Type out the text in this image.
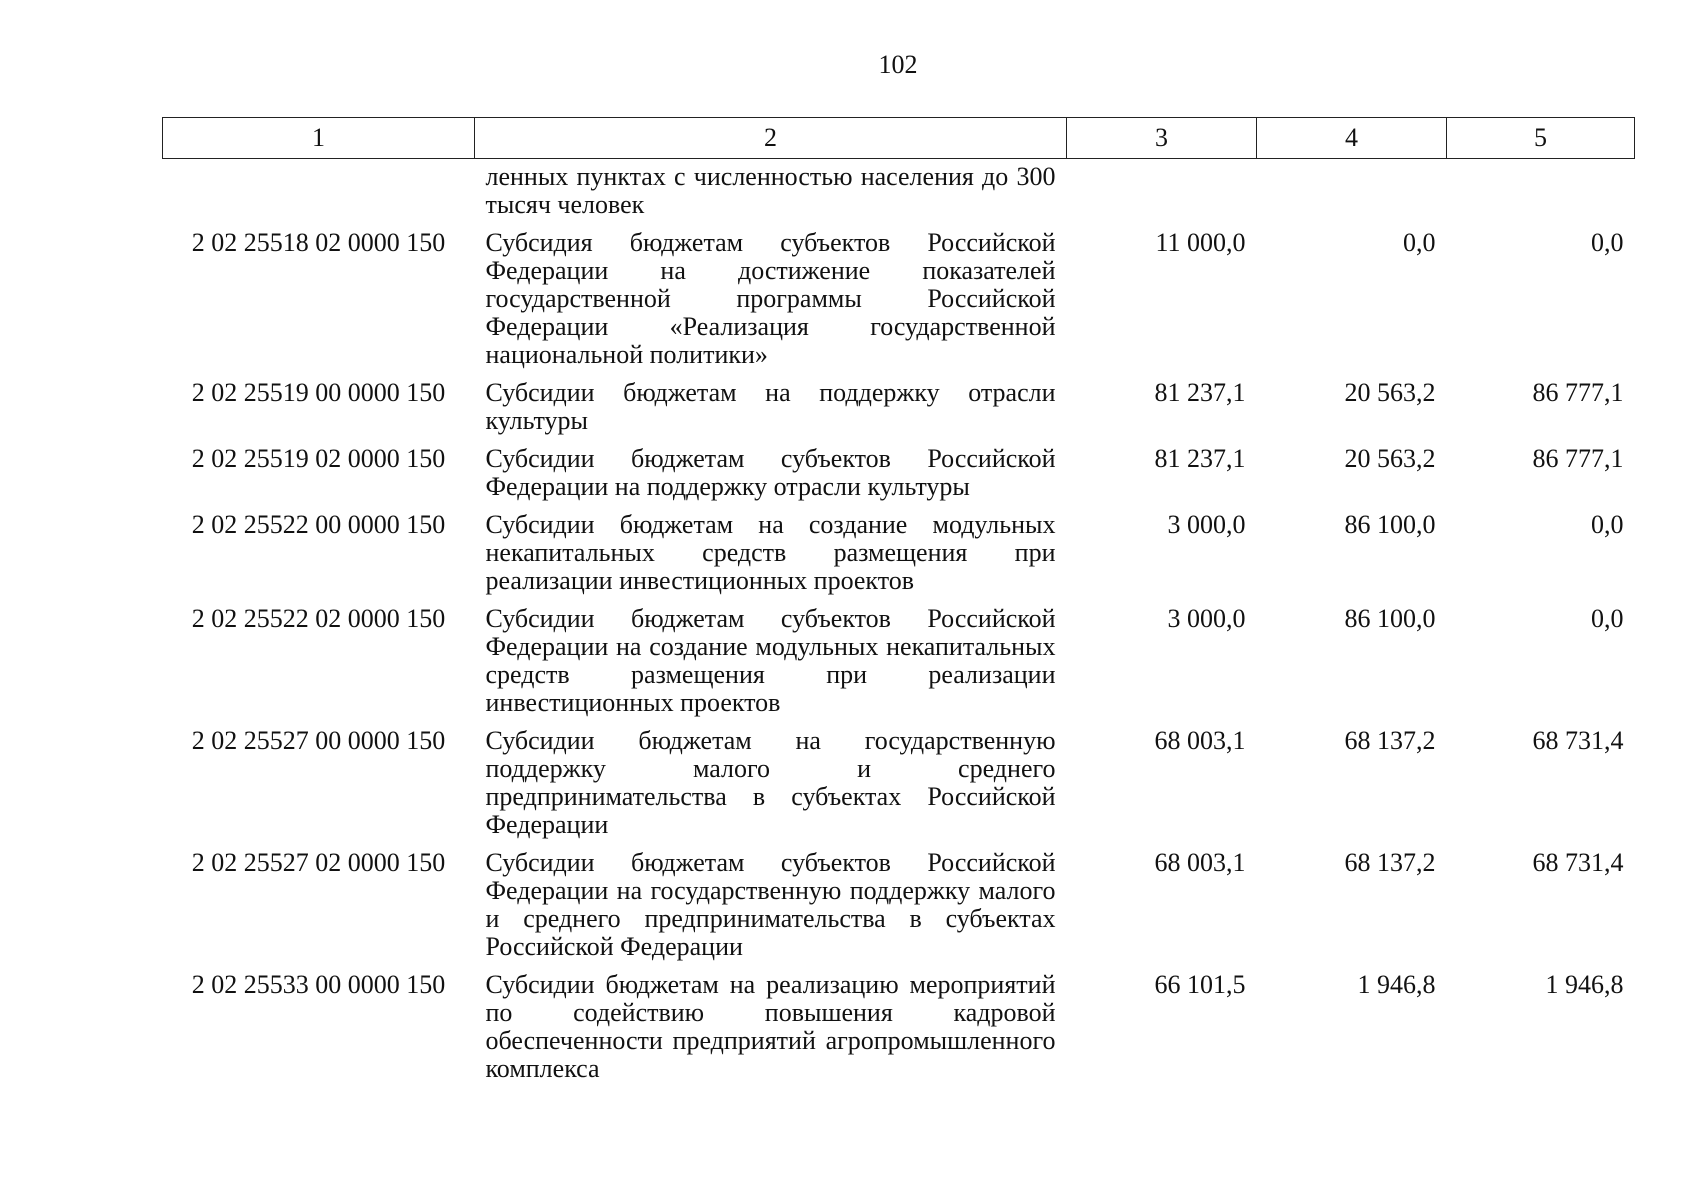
102
1	2	3	4	5
	ленных пунктах с численностью населения до 300 тысяч человек			
2 02 25518 02 0000 150	Субсидия бюджетам субъектов Российской Федерации на достижение показателей государственной программы Российской Федерации «Реализация государственной национальной политики»	11 000,0	0,0	0,0
2 02 25519 00 0000 150	Субсидии бюджетам на поддержку отрасли культуры	81 237,1	20 563,2	86 777,1
2 02 25519 02 0000 150	Субсидии бюджетам субъектов Российской Федерации на поддержку отрасли культуры	81 237,1	20 563,2	86 777,1
2 02 25522 00 0000 150	Субсидии бюджетам на создание модульных некапитальных средств размещения при реализации инвестиционных проектов	3 000,0	86 100,0	0,0
2 02 25522 02 0000 150	Субсидии бюджетам субъектов Российской Федерации на создание модульных некапитальных средств размещения при реализации инвестиционных проектов	3 000,0	86 100,0	0,0
2 02 25527 00 0000 150	Субсидии бюджетам на государственную поддержку малого и среднего предпринимательства в субъектах Российской Федерации	68 003,1	68 137,2	68 731,4
2 02 25527 02 0000 150	Субсидии бюджетам субъектов Российской Федерации на государственную поддержку малого и среднего предпринимательства в субъектах Российской Федерации	68 003,1	68 137,2	68 731,4
2 02 25533 00 0000 150	Субсидии бюджетам на реализацию мероприятий по содействию повышения кадровой обеспеченности предприятий агропромышленного комплекса	66 101,5	1 946,8	1 946,8
